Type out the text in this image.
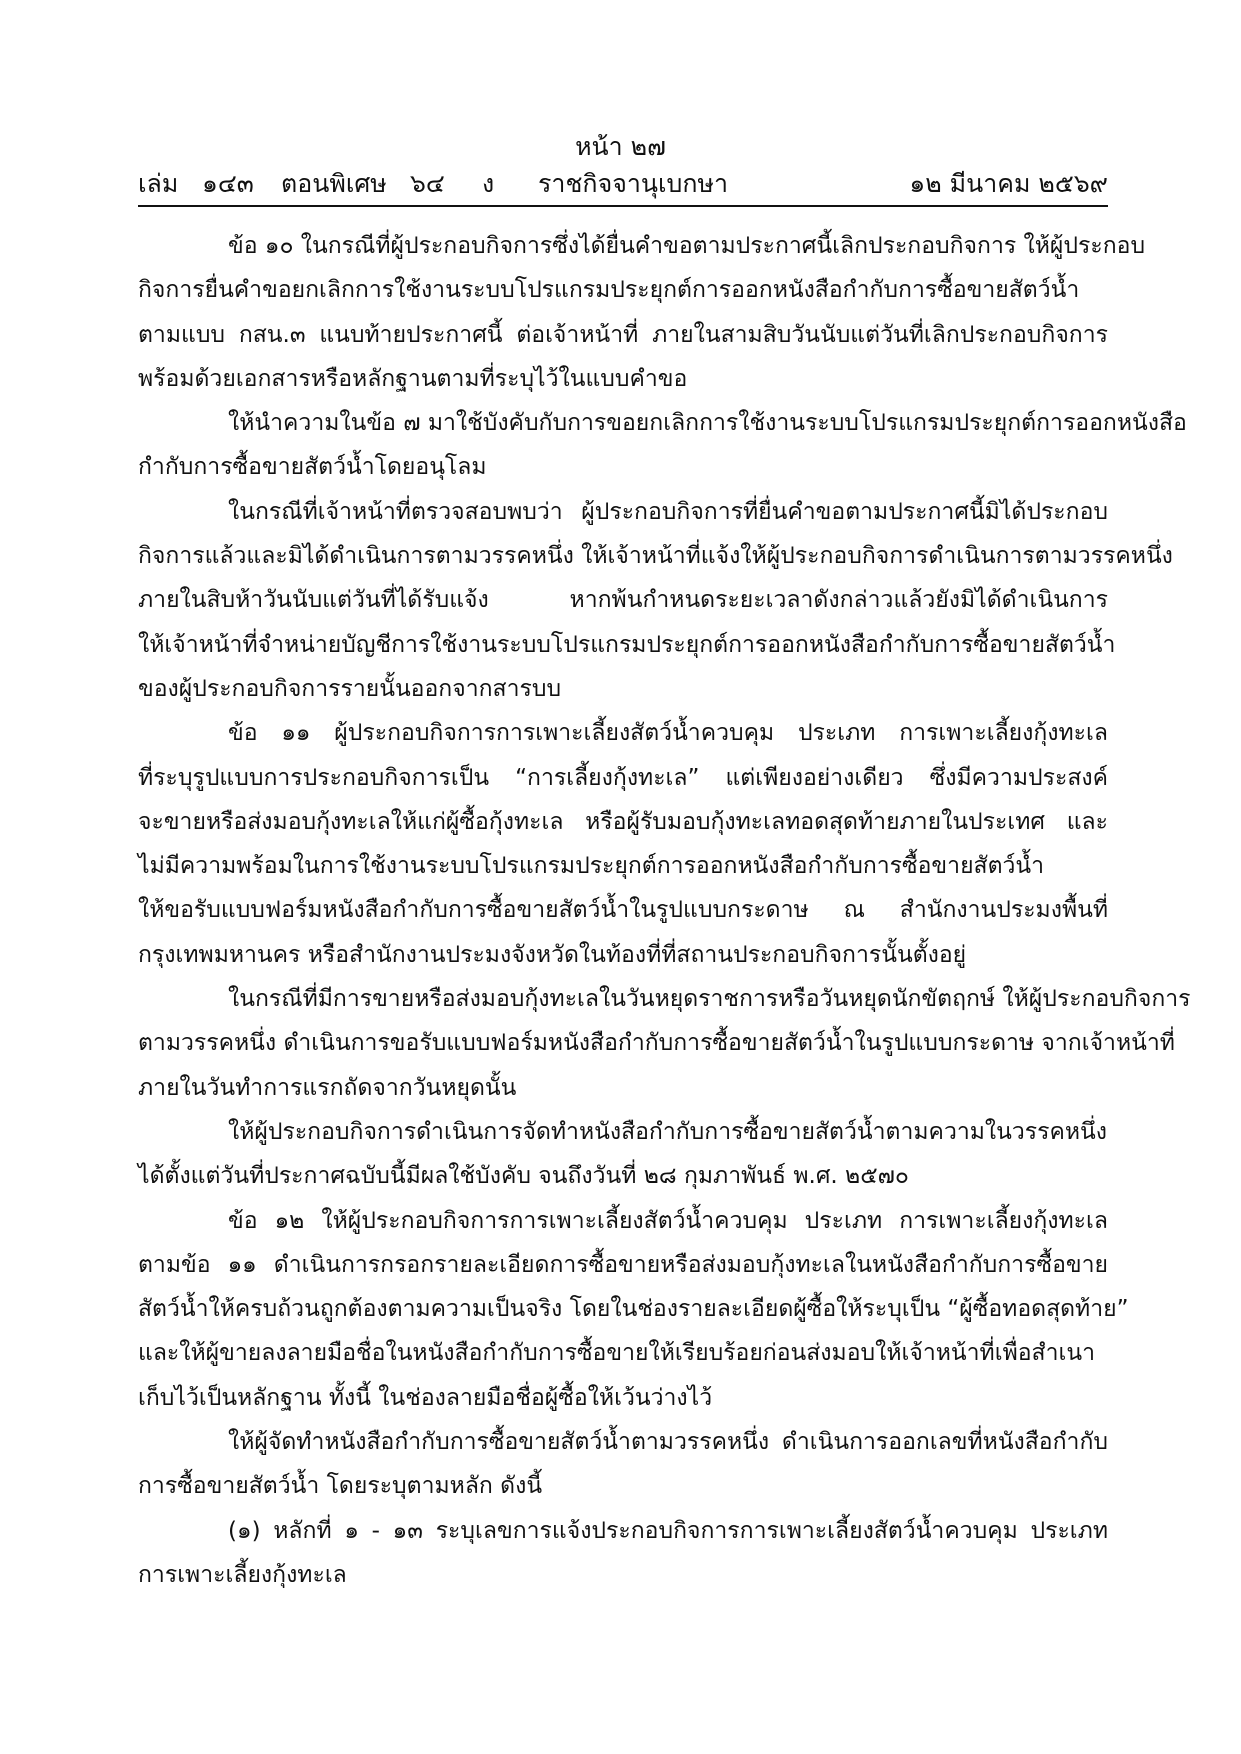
หน้า ๒๗
เล่ม ๑๔๓ ตอนพิเศษ ๖๔ ง ราชกิจจานุเบกษา	๑๒ มีนาคม ๒๕๖๙

ข้อ ๑๐ ในกรณีที่ผู้ประกอบกิจการซึ่งได้ยื่นคำขอตามประกาศนี้เลิกประกอบกิจการ ให้ผู้ประกอบ
กิจการยื่นคำขอยกเลิกการใช้งานระบบโปรแกรมประยุกต์การออกหนังสือกำกับการซื้อขายสัตว์น้ำ
ตามแบบ กสน.๓ แนบท้ายประกาศนี้ ต่อเจ้าหน้าที่ ภายในสามสิบวันนับแต่วันที่เลิกประกอบกิจการ
พร้อมด้วยเอกสารหรือหลักฐานตามที่ระบุไว้ในแบบคำขอ

ให้นำความในข้อ ๗ มาใช้บังคับกับการขอยกเลิกการใช้งานระบบโปรแกรมประยุกต์การออกหนังสือ
กำกับการซื้อขายสัตว์น้ำโดยอนุโลม

ในกรณีที่เจ้าหน้าที่ตรวจสอบพบว่า ผู้ประกอบกิจการที่ยื่นคำขอตามประกาศนี้มิได้ประกอบ
กิจการแล้วและมิได้ดำเนินการตามวรรคหนึ่ง ให้เจ้าหน้าที่แจ้งให้ผู้ประกอบกิจการดำเนินการตามวรรคหนึ่ง
ภายในสิบห้าวันนับแต่วันที่ได้รับแจ้ง หากพ้นกำหนดระยะเวลาดังกล่าวแล้วยังมิได้ดำเนินการ
ให้เจ้าหน้าที่จำหน่ายบัญชีการใช้งานระบบโปรแกรมประยุกต์การออกหนังสือกำกับการซื้อขายสัตว์น้ำ
ของผู้ประกอบกิจการรายนั้นออกจากสารบบ

ข้อ ๑๑ ผู้ประกอบกิจการการเพาะเลี้ยงสัตว์น้ำควบคุม ประเภท การเพาะเลี้ยงกุ้งทะเล
ที่ระบุรูปแบบการประกอบกิจการเป็น “การเลี้ยงกุ้งทะเล” แต่เพียงอย่างเดียว ซึ่งมีความประสงค์
จะขายหรือส่งมอบกุ้งทะเลให้แก่ผู้ซื้อกุ้งทะเล หรือผู้รับมอบกุ้งทะเลทอดสุดท้ายภายในประเทศ และ
ไม่มีความพร้อมในการใช้งานระบบโปรแกรมประยุกต์การออกหนังสือกำกับการซื้อขายสัตว์น้ำ
ให้ขอรับแบบฟอร์มหนังสือกำกับการซื้อขายสัตว์น้ำในรูปแบบกระดาษ ณ สำนักงานประมงพื้นที่
กรุงเทพมหานคร หรือสำนักงานประมงจังหวัดในท้องที่ที่สถานประกอบกิจการนั้นตั้งอยู่

ในกรณีที่มีการขายหรือส่งมอบกุ้งทะเลในวันหยุดราชการหรือวันหยุดนักขัตฤกษ์ ให้ผู้ประกอบกิจการ
ตามวรรคหนึ่ง ดำเนินการขอรับแบบฟอร์มหนังสือกำกับการซื้อขายสัตว์น้ำในรูปแบบกระดาษ จากเจ้าหน้าที่
ภายในวันทำการแรกถัดจากวันหยุดนั้น

ให้ผู้ประกอบกิจการดำเนินการจัดทำหนังสือกำกับการซื้อขายสัตว์น้ำตามความในวรรคหนึ่ง
ได้ตั้งแต่วันที่ประกาศฉบับนี้มีผลใช้บังคับ จนถึงวันที่ ๒๘ กุมภาพันธ์ พ.ศ. ๒๕๗๐

ข้อ ๑๒ ให้ผู้ประกอบกิจการการเพาะเลี้ยงสัตว์น้ำควบคุม ประเภท การเพาะเลี้ยงกุ้งทะเล
ตามข้อ ๑๑ ดำเนินการกรอกรายละเอียดการซื้อขายหรือส่งมอบกุ้งทะเลในหนังสือกำกับการซื้อขาย
สัตว์น้ำให้ครบถ้วนถูกต้องตามความเป็นจริง โดยในช่องรายละเอียดผู้ซื้อให้ระบุเป็น “ผู้ซื้อทอดสุดท้าย”
และให้ผู้ขายลงลายมือชื่อในหนังสือกำกับการซื้อขายให้เรียบร้อยก่อนส่งมอบให้เจ้าหน้าที่เพื่อสำเนา
เก็บไว้เป็นหลักฐาน ทั้งนี้ ในช่องลายมือชื่อผู้ซื้อให้เว้นว่างไว้

ให้ผู้จัดทำหนังสือกำกับการซื้อขายสัตว์น้ำตามวรรคหนึ่ง ดำเนินการออกเลขที่หนังสือกำกับ
การซื้อขายสัตว์น้ำ โดยระบุตามหลัก ดังนี้

(๑) หลักที่ ๑ - ๑๓ ระบุเลขการแจ้งประกอบกิจการการเพาะเลี้ยงสัตว์น้ำควบคุม ประเภท
การเพาะเลี้ยงกุ้งทะเล
